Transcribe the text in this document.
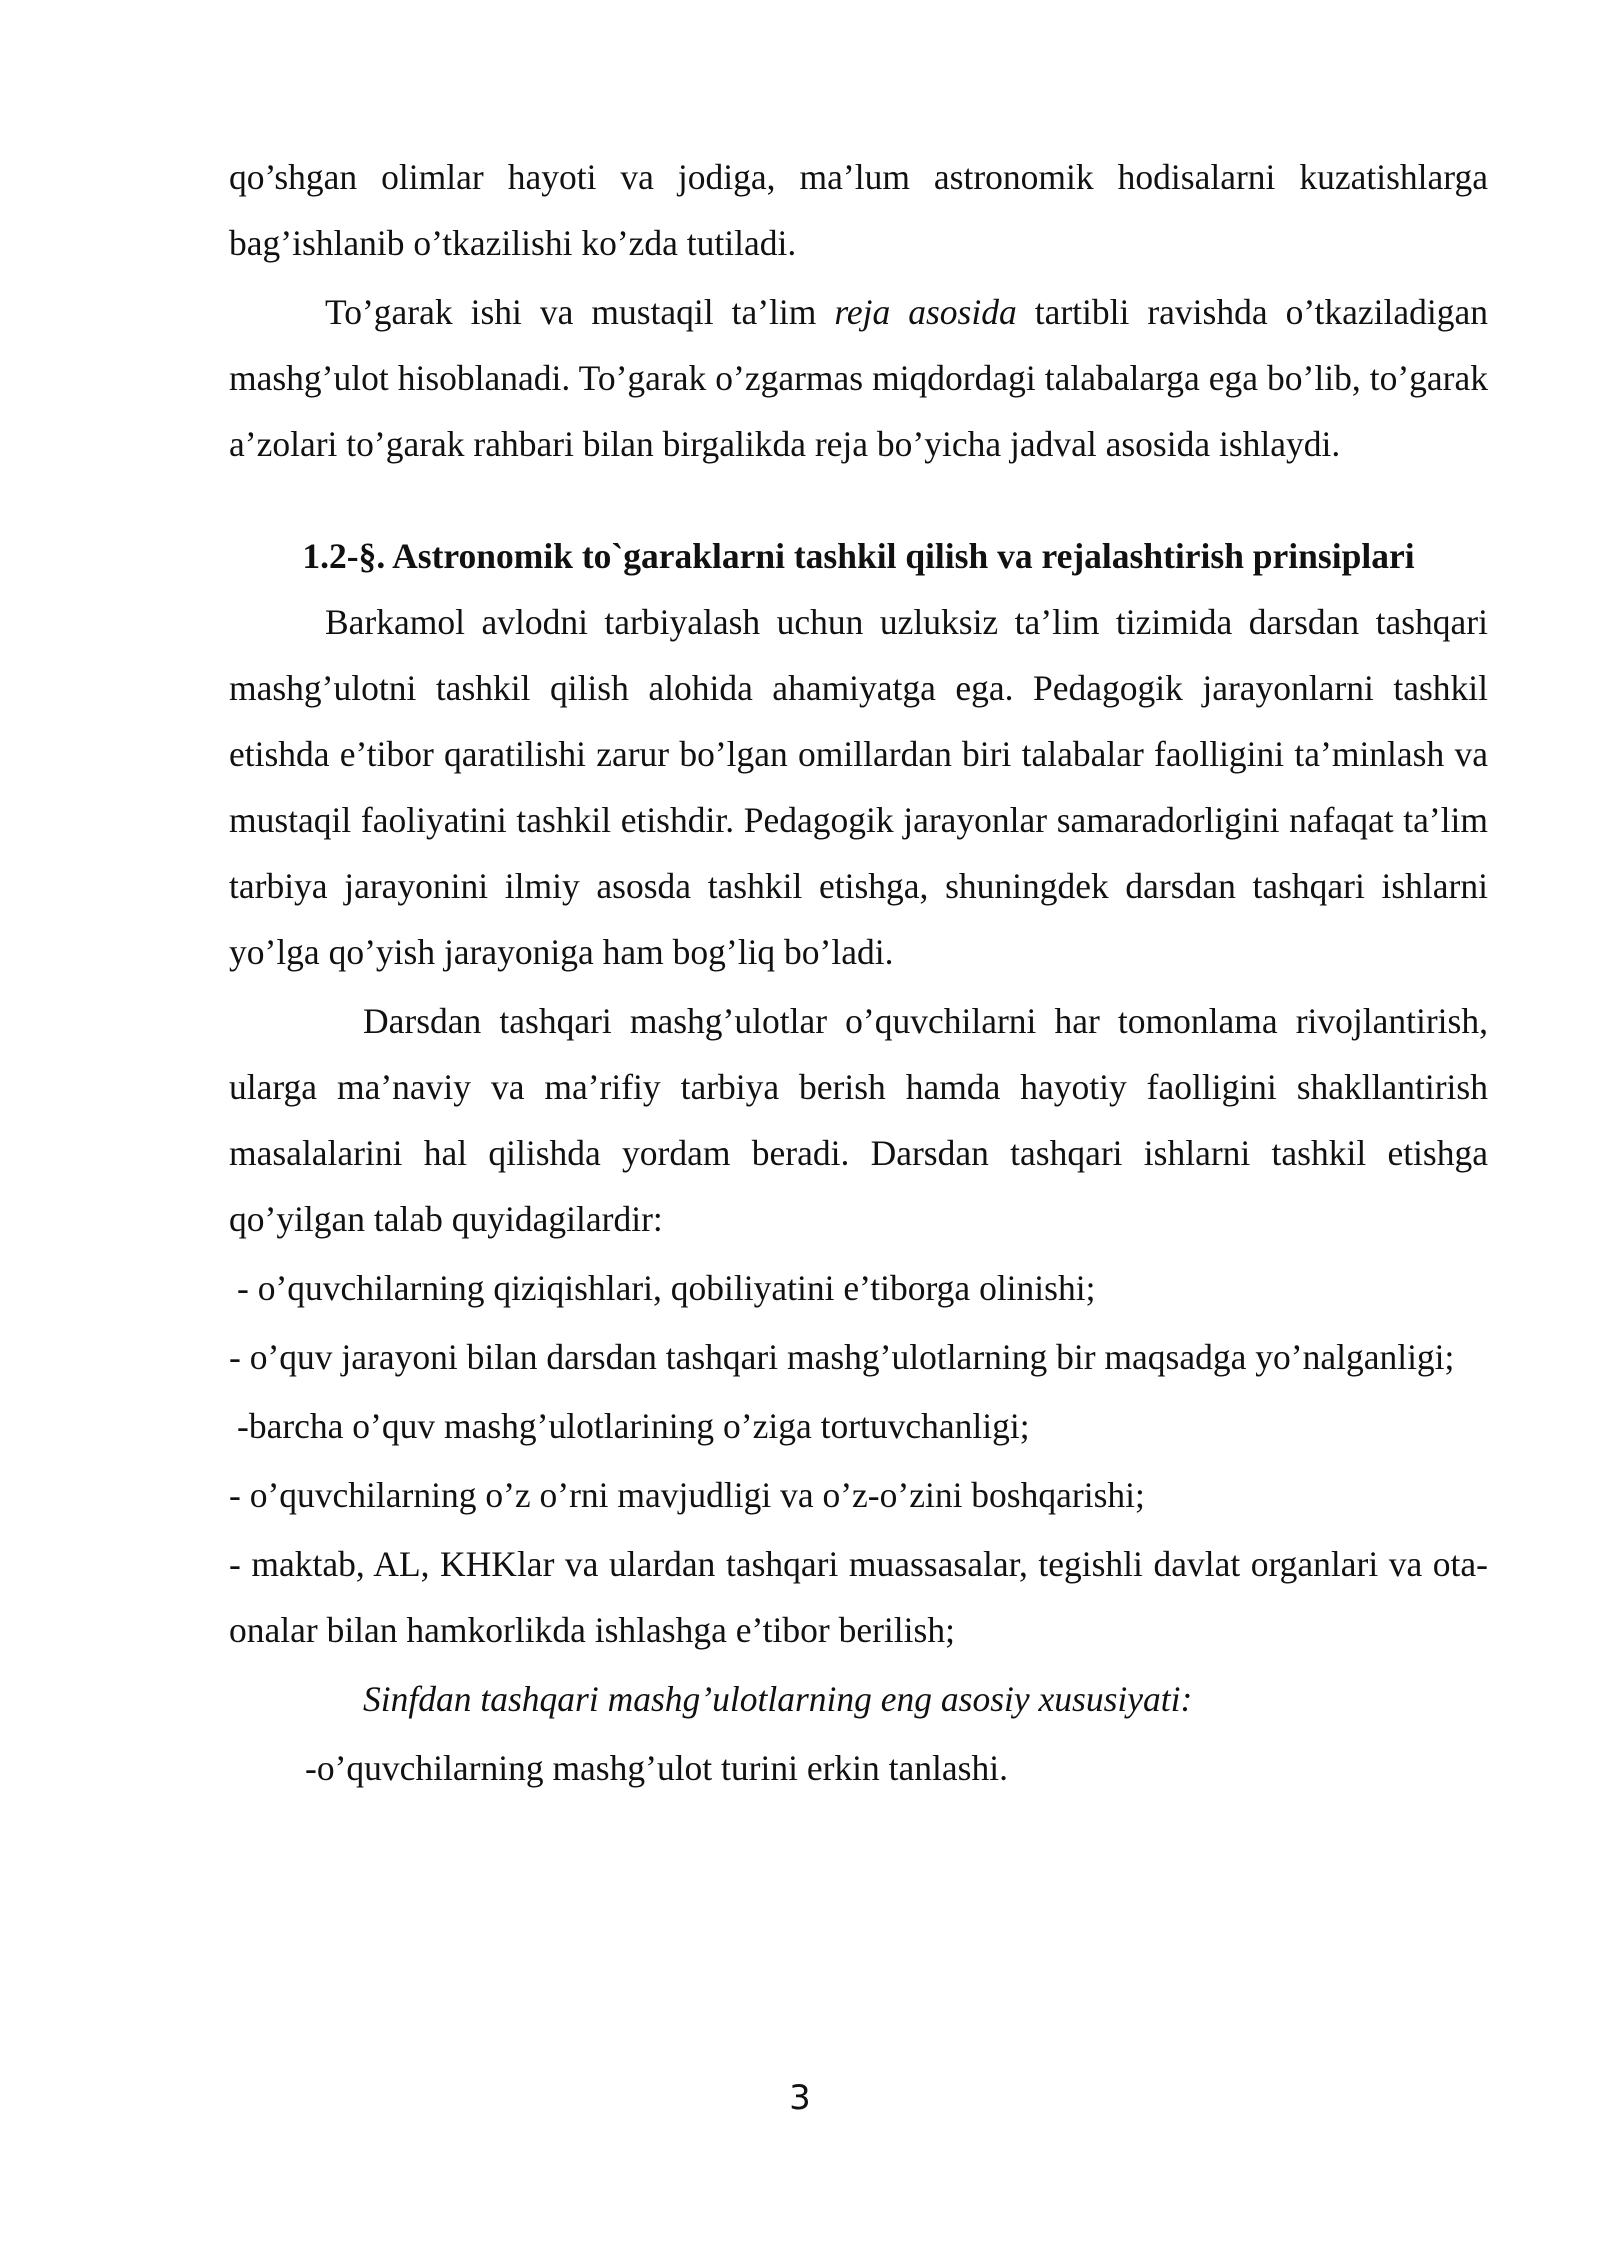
qo’shgan olimlar hayoti va jodiga, ma’lum astronomik hodisalarni kuzatishlarga bag’ishlanib o’tkazilishi ko’zda tutiladi.

To’garak ishi va mustaqil ta’lim reja asosida tartibli ravishda o’tkaziladigan mashg’ulot hisoblanadi. To’garak o’zgarmas miqdordagi talabalarga ega bo’lib, to’garak a’zolari to’garak rahbari bilan birgalikda reja bo’yicha jadval asosida ishlaydi.

1.2-§. Astronomik to`garaklarni tashkil qilish va rejalashtirish prinsiplari

Barkamol avlodni tarbiyalash uchun uzluksiz ta’lim tizimida darsdan tashqari mashg’ulotni tashkil qilish alohida ahamiyatga ega. Pedagogik jarayonlarni tashkil etishda e’tibor qaratilishi zarur bo’lgan omillardan biri talabalar faolligini ta’minlash va mustaqil faoliyatini tashkil etishdir. Pedagogik jarayonlar samaradorligini nafaqat ta’lim tarbiya jarayonini ilmiy asosda tashkil etishga, shuningdek darsdan tashqari ishlarni yo’lga qo’yish jarayoniga ham bog’liq bo’ladi.

Darsdan tashqari mashg’ulotlar o’quvchilarni har tomonlama rivojlantirish, ularga ma’naviy va ma’rifiy tarbiya berish hamda hayotiy faolligini shakllantirish masalalarini hal qilishda yordam beradi. Darsdan tashqari ishlarni tashkil etishga qo’yilgan talab quyidagilardir:

- o’quvchilarning qiziqishlari, qobiliyatini e’tiborga olinishi;

- o’quv jarayoni bilan darsdan tashqari mashg’ulotlarning bir maqsadga yo’nalganligi;

-barcha o’quv mashg’ulotlarining o’ziga tortuvchanligi;

- o’quvchilarning o’z o’rni mavjudligi va o’z-o’zini boshqarishi;

- maktab, AL, KHKlar va ulardan tashqari muassasalar, tegishli davlat organlari va ota-onalar bilan hamkorlikda ishlashga e’tibor berilish;

Sinfdan tashqari mashg’ulotlarning eng asosiy xususiyati:

-o’quvchilarning mashg’ulot turini erkin tanlashi.

3
